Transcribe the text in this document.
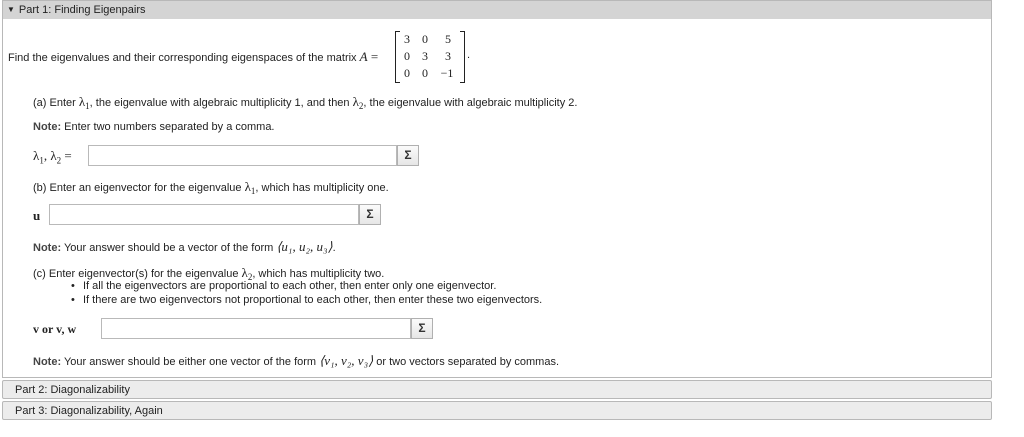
▼ Part 1: Finding Eigenpairs
Find the eigenvalues and their corresponding eigenspaces of the matrix A =
3	0	5
0	3	3
0	0	−1
.
(a) Enter $\lambda_1$, the eigenvalue with algebraic multiplicity 1, and then $\lambda_2$, the eigenvalue with algebraic multiplicity 2.
Note: Enter two numbers separated by a comma.
$\lambda_1$, $\lambda_2$ =	Σ
(b) Enter an eigenvector for the eigenvalue $\lambda_1$, which has multiplicity one.
u	Σ
Note: Your answer should be a vector of the form ⟨u₁, u₂, u₃⟩.
(c) Enter eigenvector(s) for the eigenvalue $\lambda_2$, which has multiplicity two.
• If all the eigenvectors are proportional to each other, then enter only one eigenvector.
• If there are two eigenvectors not proportional to each other, then enter these two eigenvectors.
v or v, w	Σ
Note: Your answer should be either one vector of the form ⟨v₁, v₂, v₃⟩ or two vectors separated by commas.
Part 2: Diagonalizability
Part 3: Diagonalizability, Again
